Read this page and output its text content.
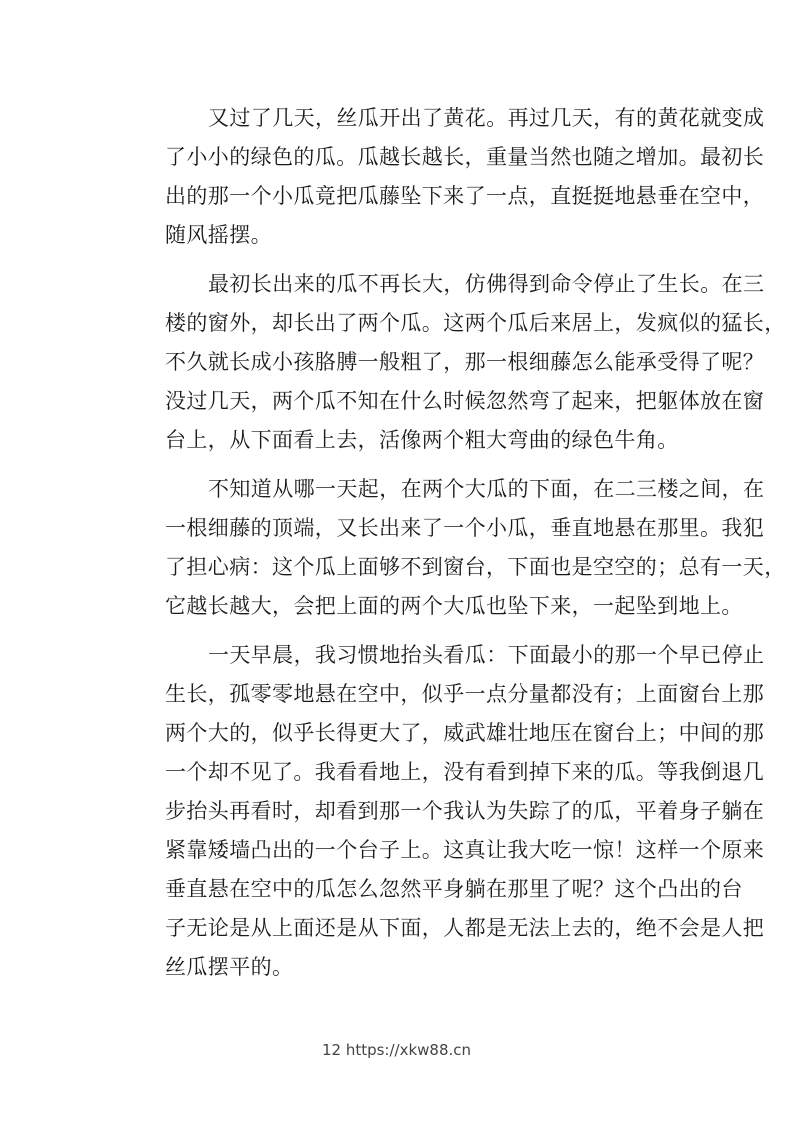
又过了几天，丝瓜开出了黄花。再过几天，有的黄花就变成
了小小的绿色的瓜。瓜越长越长，重量当然也随之增加。最初长
出的那一个小瓜竟把瓜藤坠下来了一点，直挺挺地悬垂在空中，
随风摇摆。
最初长出来的瓜不再长大，仿佛得到命令停止了生长。在三
楼的窗外，却长出了两个瓜。这两个瓜后来居上，发疯似的猛长，
不久就长成小孩胳膊一般粗了，那一根细藤怎么能承受得了呢？
没过几天，两个瓜不知在什么时候忽然弯了起来，把躯体放在窗
台上，从下面看上去，活像两个粗大弯曲的绿色牛角。
不知道从哪一天起，在两个大瓜的下面，在二三楼之间，在
一根细藤的顶端，又长出来了一个小瓜，垂直地悬在那里。我犯
了担心病：这个瓜上面够不到窗台，下面也是空空的；总有一天，
它越长越大，会把上面的两个大瓜也坠下来，一起坠到地上。
一天早晨，我习惯地抬头看瓜：下面最小的那一个早已停止
生长，孤零零地悬在空中，似乎一点分量都没有；上面窗台上那
两个大的，似乎长得更大了，威武雄壮地压在窗台上；中间的那
一个却不见了。我看看地上，没有看到掉下来的瓜。等我倒退几
步抬头再看时，却看到那一个我认为失踪了的瓜，平着身子躺在
紧靠矮墙凸出的一个台子上。这真让我大吃一惊！这样一个原来
垂直悬在空中的瓜怎么忽然平身躺在那里了呢？这个凸出的台
子无论是从上面还是从下面，人都是无法上去的，绝不会是人把
丝瓜摆平的。
12 https://xkw88.cn
